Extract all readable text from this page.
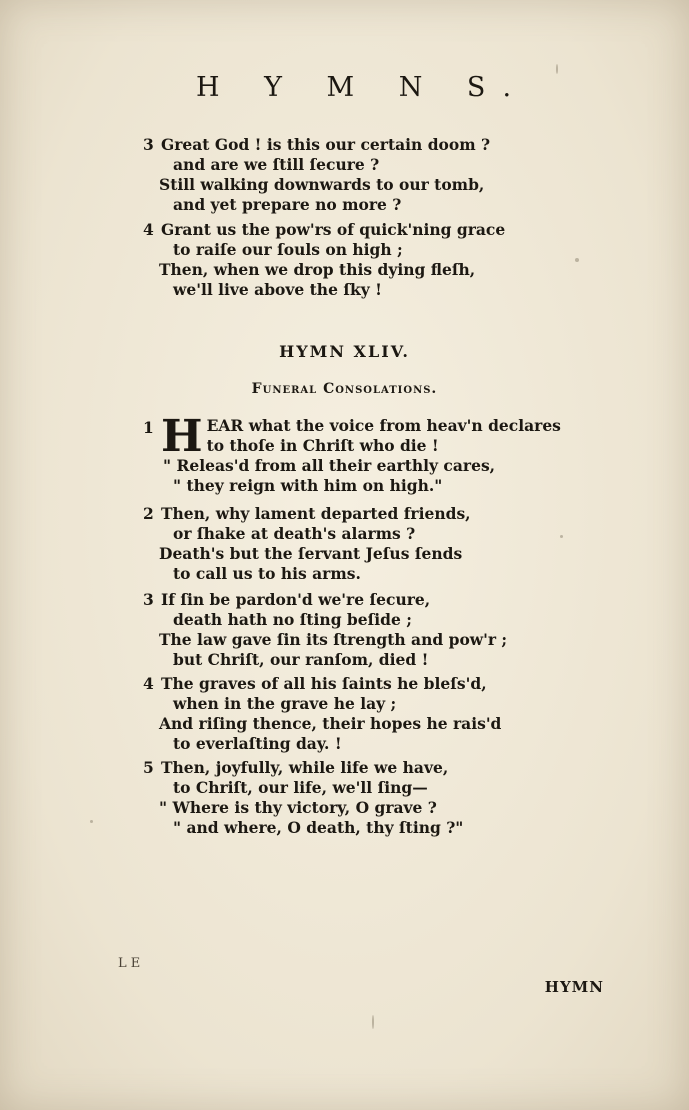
H Y M N S.
3 Great God ! is this our certain doom ?
and are we ſtill ſecure ?
Still walking downwards to our tomb,
and yet prepare no more ?
4 Grant us the pow'rs of quick'ning grace
to raiſe our ſouls on high ;
Then, when we drop this dying fleſh,
we'll live above the ſky !
HYMN XLIV.
Funeral Consolations.
1 H EAR what the voice from heav'n declares
to thoſe in Chriſt who die !
" Releas'd from all their earthly cares,
" they reign with him on high."
2 Then, why lament departed friends,
or ſhake at death's alarms ?
Death's but the ſervant Jeſus ſends
to call us to his arms.
3 If ſin be pardon'd we're ſecure,
death hath no ſting beſide ;
The law gave ſin its ſtrength and pow'r ;
but Chriſt, our ranſom, died !
4 The graves of all his ſaints he bleſs'd,
when in the grave he lay ;
And riſing thence, their hopes he rais'd
to everlaſting day. !
5 Then, joyfully, while life we have,
to Chriſt, our life, we'll ſing—
" Where is thy victory, O grave ?
" and where, O death, thy ſting ?"
L E
HYMN
